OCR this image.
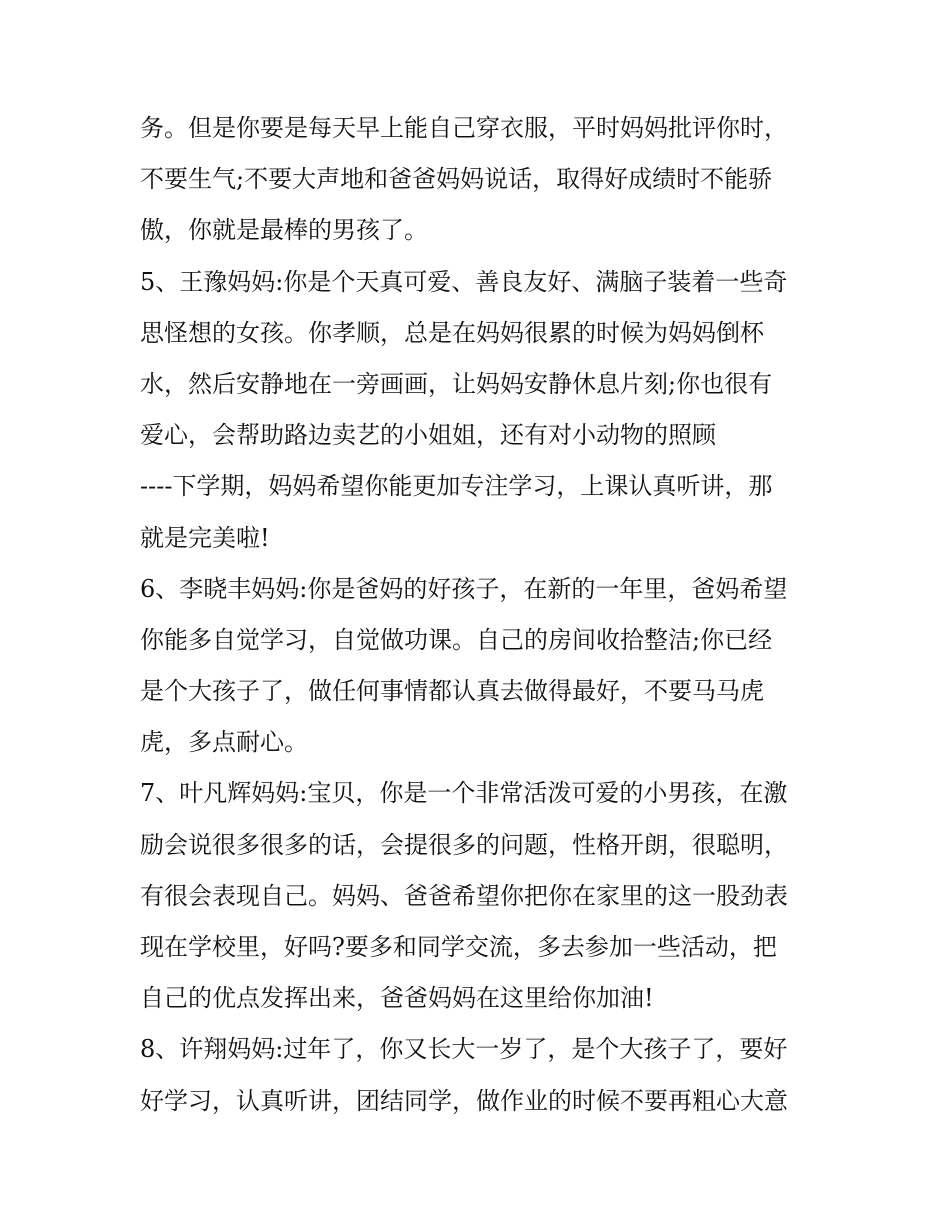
务。但是你要是每天早上能自己穿衣服，平时妈妈批评你时，
不要生气;不要大声地和爸爸妈妈说话，取得好成绩时不能骄
傲，你就是最棒的男孩了。
5、王豫妈妈:你是个天真可爱、善良友好、满脑子装着一些奇
思怪想的女孩。你孝顺，总是在妈妈很累的时候为妈妈倒杯
水，然后安静地在一旁画画，让妈妈安静休息片刻;你也很有
爱心，会帮助路边卖艺的小姐姐，还有对小动物的照顾
----下学期，妈妈希望你能更加专注学习，上课认真听讲，那
就是完美啦!
6、李晓丰妈妈:你是爸妈的好孩子，在新的一年里，爸妈希望
你能多自觉学习，自觉做功课。自己的房间收拾整洁;你已经
是个大孩子了，做任何事情都认真去做得最好，不要马马虎
虎，多点耐心。
7、叶凡辉妈妈:宝贝，你是一个非常活泼可爱的小男孩，在激
励会说很多很多的话，会提很多的问题，性格开朗，很聪明，
有很会表现自己。妈妈、爸爸希望你把你在家里的这一股劲表
现在学校里，好吗?要多和同学交流，多去参加一些活动，把
自己的优点发挥出来，爸爸妈妈在这里给你加油!
8、许翔妈妈:过年了，你又长大一岁了，是个大孩子了，要好
好学习，认真听讲，团结同学，做作业的时候不要再粗心大意
